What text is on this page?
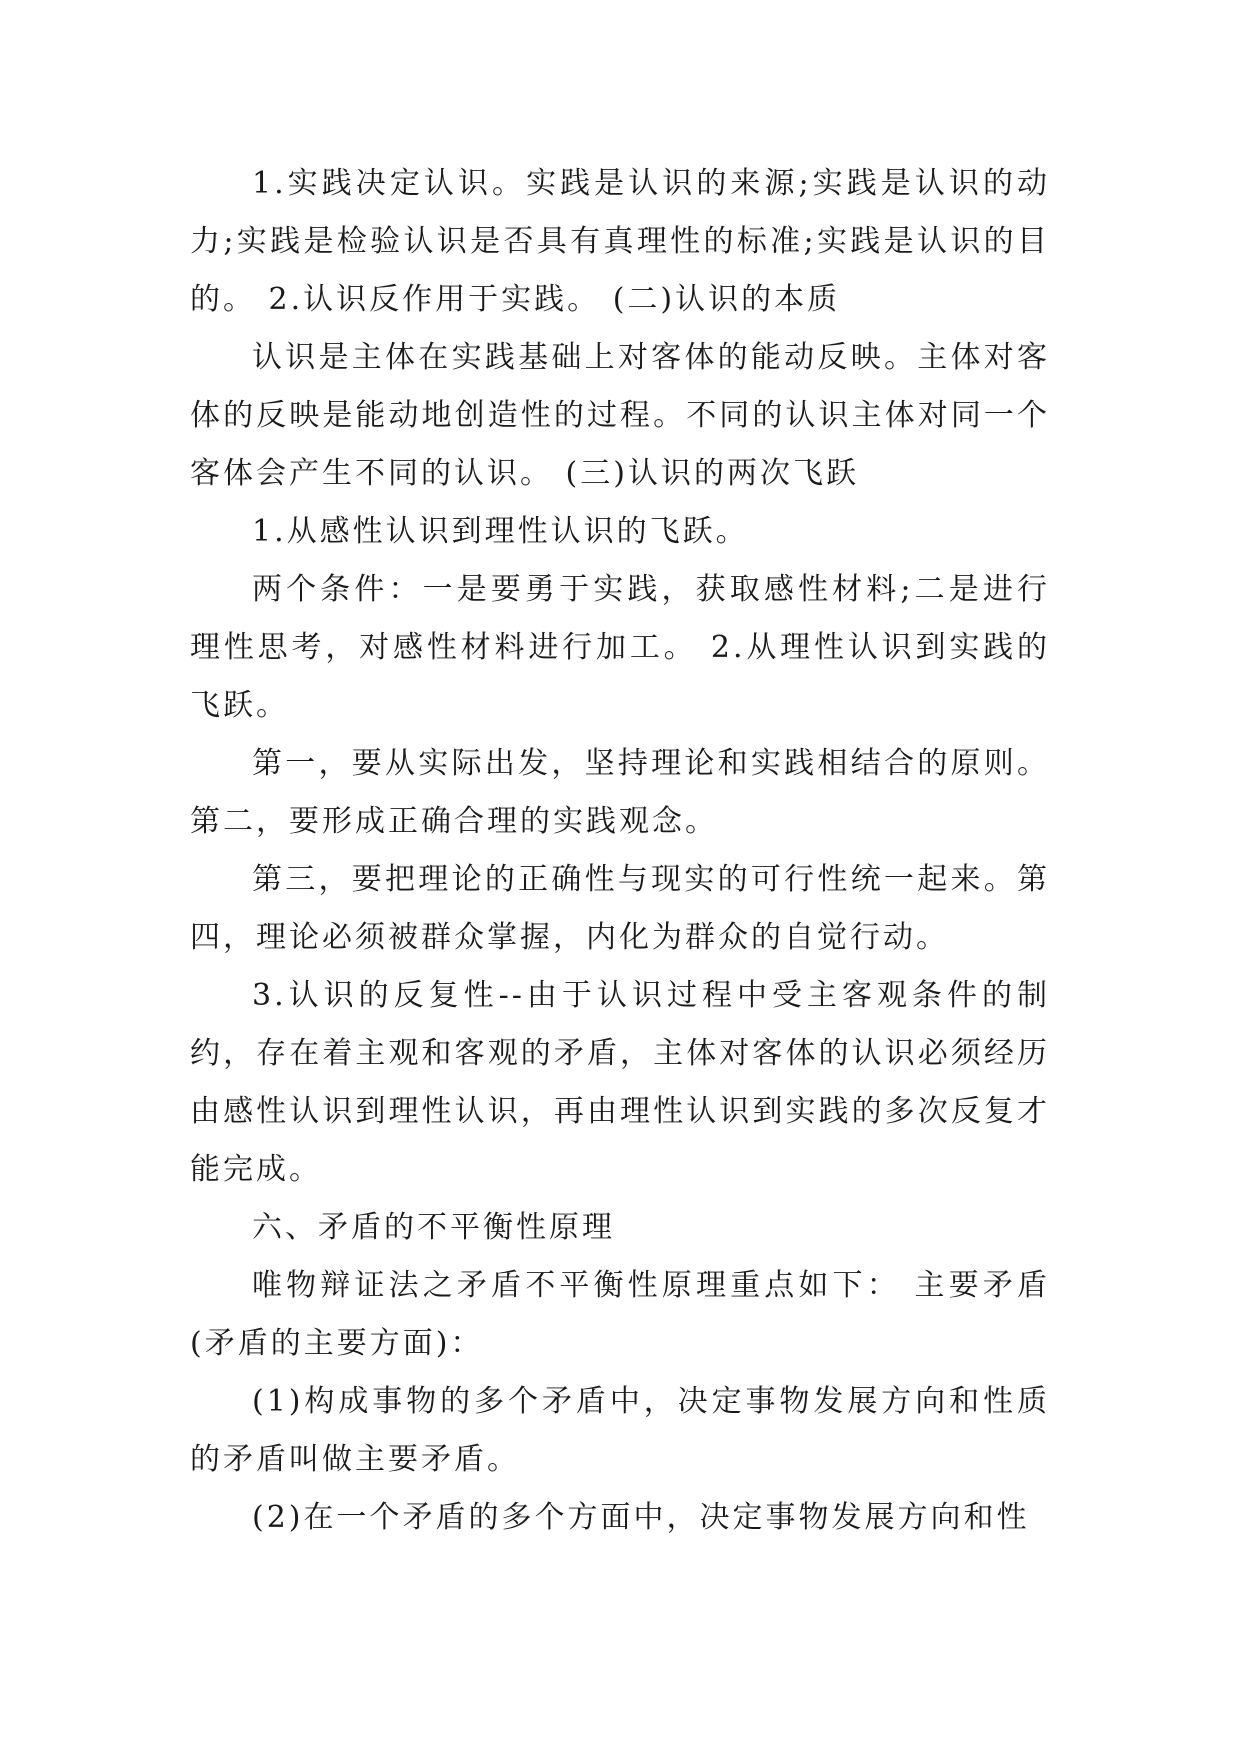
1.实践决定认识。实践是认识的来源;实践是认识的动力;实践是检验认识是否具有真理性的标准;实践是认识的目的。 2.认识反作用于实践。 (二)认识的本质

认识是主体在实践基础上对客体的能动反映。主体对客体的反映是能动地创造性的过程。不同的认识主体对同一个客体会产生不同的认识。 (三)认识的两次飞跃

1.从感性认识到理性认识的飞跃。

两个条件：一是要勇于实践，获取感性材料;二是进行理性思考，对感性材料进行加工。 2.从理性认识到实践的飞跃。

第一，要从实际出发，坚持理论和实践相结合的原则。第二，要形成正确合理的实践观念。

第三，要把理论的正确性与现实的可行性统一起来。第四，理论必须被群众掌握，内化为群众的自觉行动。

3.认识的反复性--由于认识过程中受主客观条件的制约，存在着主观和客观的矛盾，主体对客体的认识必须经历由感性认识到理性认识，再由理性认识到实践的多次反复才能完成。

六、矛盾的不平衡性原理

唯物辩证法之矛盾不平衡性原理重点如下： 主要矛盾(矛盾的主要方面)：

(1)构成事物的多个矛盾中，决定事物发展方向和性质的矛盾叫做主要矛盾。

(2)在一个矛盾的多个方面中，决定事物发展方向和性
